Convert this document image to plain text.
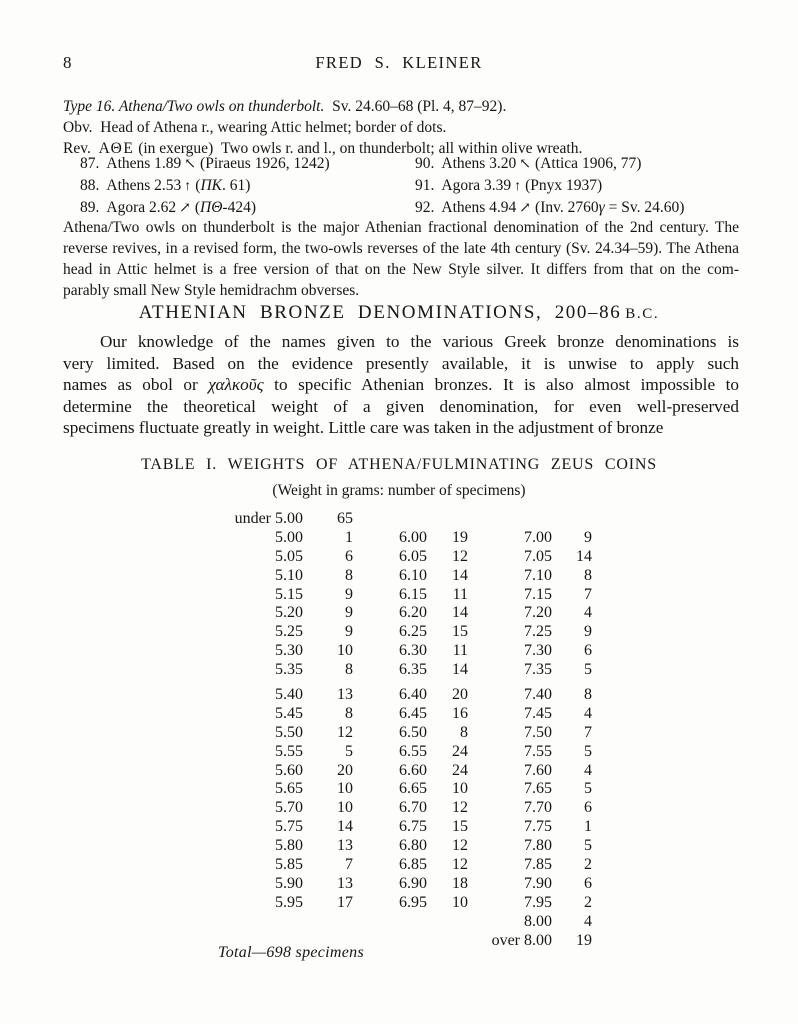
8	FRED S. KLEINER
Type 16. Athena/Two owls on thunderbolt.  Sv. 24.60–68 (Pl. 4, 87–92).
Obv.  Head of Athena r., wearing Attic helmet; border of dots.
Rev.  ΑΘΕ (in exergue)  Two owls r. and l., on thunderbolt; all within olive wreath.
87. Athens 1.89 ↖ (Piraeus 1926, 1242)
88. Athens 2.53 ↑ (ΠΚ. 61)
89. Agora 2.62 ↗ (ΠΘ-424)
90. Athens 3.20 ↖ (Attica 1906, 77)
91. Agora 3.39 ↑ (Pnyx 1937)
92. Athens 4.94 ↗ (Inv. 2760γ = Sv. 24.60)
Athena/Two owls on thunderbolt is the major Athenian fractional denomination of the 2nd century. The
reverse revives, in a revised form, the two-owls reverses of the late 4th century (Sv. 24.34–59). The Athena
head in Attic helmet is a free version of that on the New Style silver. It differs from that on the com-
parably small New Style hemidrachm obverses.
ATHENIAN BRONZE DENOMINATIONS, 200–86 B.C.
Our knowledge of the names given to the various Greek bronze denominations is
very limited. Based on the evidence presently available, it is unwise to apply such
names as obol or χαλκοῦς to specific Athenian bronzes. It is also almost impossible to
determine the theoretical weight of a given denomination, for even well-preserved
specimens fluctuate greatly in weight. Little care was taken in the adjustment of bronze
TABLE I. WEIGHTS OF ATHENA/FULMINATING ZEUS COINS
(Weight in grams: number of specimens)
under 5.00	65
5.00	1	6.00	19	7.00	9
5.05	6	6.05	12	7.05	14
5.10	8	6.10	14	7.10	8
5.15	9	6.15	11	7.15	7
5.20	9	6.20	14	7.20	4
5.25	9	6.25	15	7.25	9
5.30	10	6.30	11	7.30	6
5.35	8	6.35	14	7.35	5
5.40	13	6.40	20	7.40	8
5.45	8	6.45	16	7.45	4
5.50	12	6.50	8	7.50	7
5.55	5	6.55	24	7.55	5
5.60	20	6.60	24	7.60	4
5.65	10	6.65	10	7.65	5
5.70	10	6.70	12	7.70	6
5.75	14	6.75	15	7.75	1
5.80	13	6.80	12	7.80	5
5.85	7	6.85	12	7.85	2
5.90	13	6.90	18	7.90	6
5.95	17	6.95	10	7.95	2
8.00	4
over 8.00	19
Total—698 specimens
